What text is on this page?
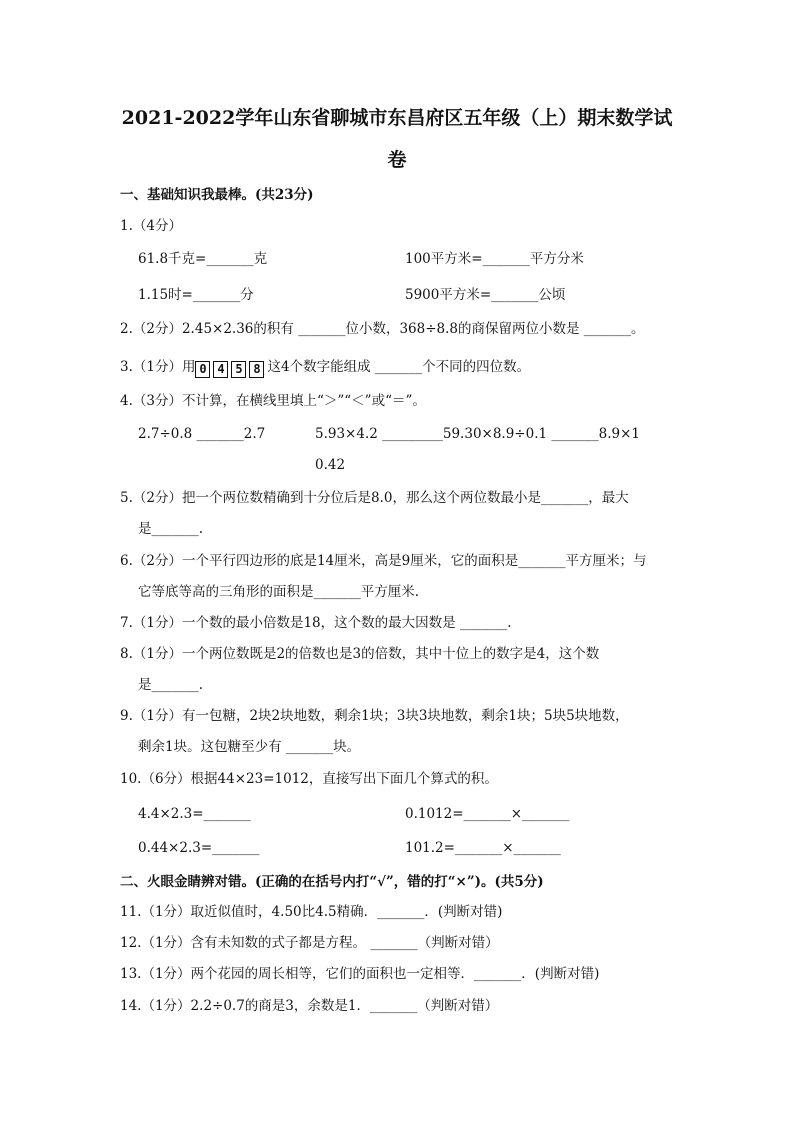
2021-2022学年山东省聊城市东昌府区五年级（上）期末数学试
卷
一、基础知识我最棒。(共23分)
1.（4分）
61.8千克=_______克	100平方米=_______平方分米
1.15时=_______分	5900平方米=_______公顷
2.（2分）2.45×2.36的积有 _______位小数，368÷8.8的商保留两位小数是 _______。
3.（1分）用 0 4 5 8 这4个数字能组成 _______个不同的四位数。
4.（3分）不计算，在横线里填上“＞”“＜”或“＝”。
2.7÷0.8 _______2.7	5.93×4.2 _________59.30×8.9÷0.1 _______8.9×1
0.42
5.（2分）把一个两位数精确到十分位后是8.0，那么这个两位数最小是_______，最大
是_______.
6.（2分）一个平行四边形的底是14厘米，高是9厘米，它的面积是_______平方厘米；与
它等底等高的三角形的面积是_______平方厘米.
7.（1分）一个数的最小倍数是18，这个数的最大因数是 _______.
8.（1分）一个两位数既是2的倍数也是3的倍数，其中十位上的数字是4，这个数
是_______.
9.（1分）有一包糖，2块2块地数，剩余1块；3块3块地数，剩余1块；5块5块地数，
剩余1块。这包糖至少有 _______块。
10.（6分）根据44×23=1012，直接写出下面几个算式的积。
4.4×2.3=_______	0.1012=_______×_______
0.44×2.3=_______	101.2=_______×_______
二、火眼金睛辨对错。(正确的在括号内打“√”，错的打“×”)。(共5分)
11.（1分）取近似值时，4.50比4.5精确．_______．(判断对错)
12.（1分）含有未知数的式子都是方程。 _______（判断对错）
13.（1分）两个花园的周长相等，它们的面积也一定相等．_______．(判断对错)
14.（1分）2.2÷0.7的商是3，余数是1．_______（判断对错）
